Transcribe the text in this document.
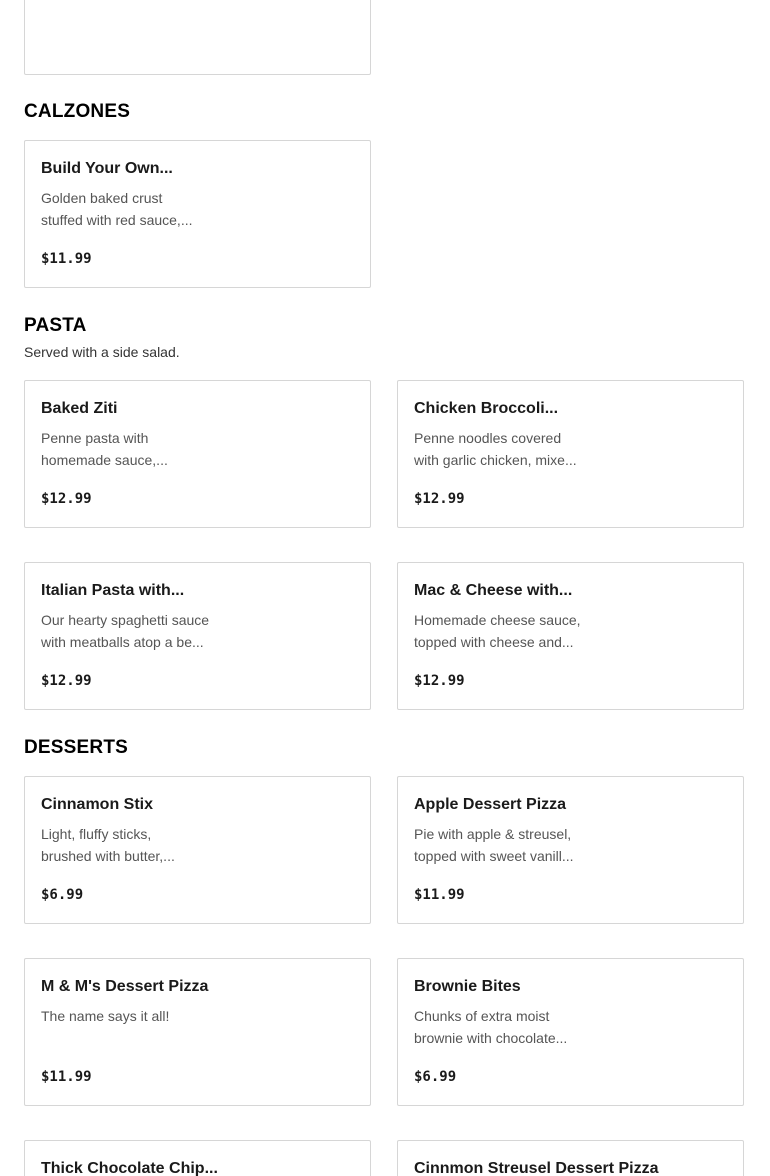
CALZONES
Build Your Own...
Golden baked crust
stuffed with red sauce,...
$11.99
PASTA

Served with a side salad.

Baked Ziti
Penne pasta with
homemade sauce,...
$12.99
Chicken Broccoli...
Penne noodles covered
with garlic chicken, mixe...
$12.99
Italian Pasta with...
Our hearty spaghetti sauce
with meatballs atop a be...
$12.99
Mac & Cheese with...
Homemade cheese sauce,
topped with cheese and...
$12.99
DESSERTS
Cinnamon Stix
Light, fluffy sticks,
brushed with butter,...
$6.99
Apple Dessert Pizza
Pie with apple & streusel,
topped with sweet vanill...
$11.99
M & M's Dessert Pizza
The name says it all!
$11.99
Brownie Bites
Chunks of extra moist
brownie with chocolate...
$6.99
Thick Chocolate Chip...	Cinnmon Streusel Dessert Pizza
